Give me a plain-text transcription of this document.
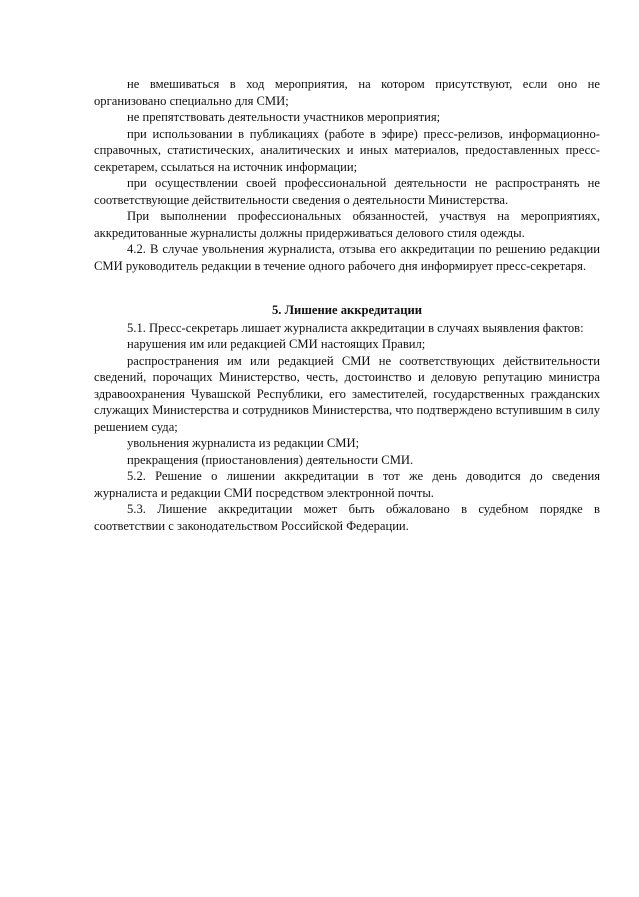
не вмешиваться в ход мероприятия, на котором присутствуют, если оно не организовано специально для СМИ;

не препятствовать деятельности участников мероприятия;

при использовании в публикациях (работе в эфире) пресс-релизов, информационно-справочных, статистических, аналитических и иных материалов, предоставленных пресс-секретарем, ссылаться на источник информации;

при осуществлении своей профессиональной деятельности не распространять не соответствующие действительности сведения о деятельности Министерства.

При выполнении профессиональных обязанностей, участвуя на мероприятиях, аккредитованные журналисты должны придерживаться делового стиля одежды.

4.2. В случае увольнения журналиста, отзыва его аккредитации по решению редакции СМИ руководитель редакции в течение одного рабочего дня информирует пресс-секретаря.

5. Лишение аккредитации

5.1. Пресс-секретарь лишает журналиста аккредитации в случаях выявления фактов:

нарушения им или редакцией СМИ настоящих Правил;

распространения им или редакцией СМИ не соответствующих действительности сведений, порочащих Министерство, честь, достоинство и деловую репутацию министра здравоохранения Чувашской Республики, его заместителей, государственных гражданских служащих Министерства и сотрудников Министерства, что подтверждено вступившим в силу решением суда;

увольнения журналиста из редакции СМИ;

прекращения (приостановления) деятельности СМИ.

5.2. Решение о лишении аккредитации в тот же день доводится до сведения журналиста и редакции СМИ посредством электронной почты.

5.3. Лишение аккредитации может быть обжаловано в судебном порядке в соответствии с законодательством Российской Федерации.
